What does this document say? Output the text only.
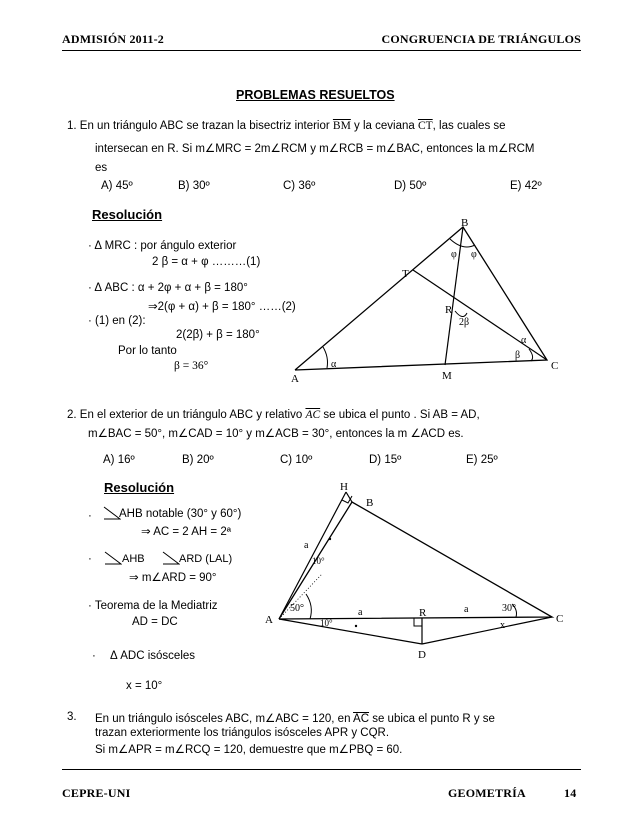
ADMISIÓN 2011-2	CONGRUENCIA DE TRIÁNGULOS
PROBLEMAS RESUELTOS
1. En un triángulo ABC se trazan la bisectriz interior $\overline{BM}$ y la ceviana $\overline{CT}$, las cuales se
intersecan en R. Si m∠MRC = 2m∠RCM y m∠RCB = m∠BAC, entonces la m∠RCM
es
A) 45º	B) 30º	C) 36º	D) 50º	E) 42º
Resolución
· Δ MRC : por ángulo exterior
2 β = α + φ ………(1)
· Δ ABC : α + 2φ + α + β = 180°
⇒2(φ + α) + β = 180° ……(2)
· (1) en (2):
2(2β) + β = 180°
Por lo tanto
β = 36°
B
φ φ
T
R
2β
α
β
C
A
α
M
2. En el exterior de un triángulo ABC y relativo $\overline{AC}$ se ubica el punto . Si AB = AD,
m∠BAC = 50°, m∠CAD = 10° y m∠ACB = 30°, entonces la m ∠ACD es.
A) 16º	B) 20º	C) 10º	D) 15º	E) 25º
Resolución
· AHB notable (30° y 60°)
⇒ AC = 2 AH = 2ª
·	AHB	ARD (LAL)
⇒ m∠ARD = 90°
· Teorema de la Mediatriz
AD = DC
· Δ ADC isósceles
x = 10°
H
B
a
10°
A
50°	a	R	a	30°
C
10°	x
D
3. En un triángulo isósceles ABC, m∠ABC = 120, en $\overline{AC}$ se ubica el punto R y se
trazan exteriormente los triángulos isósceles APR y CQR.
Si m∠APR = m∠RCQ = 120, demuestre que m∠PBQ = 60.
CEPRE-UNI	GEOMETRÍA	14
